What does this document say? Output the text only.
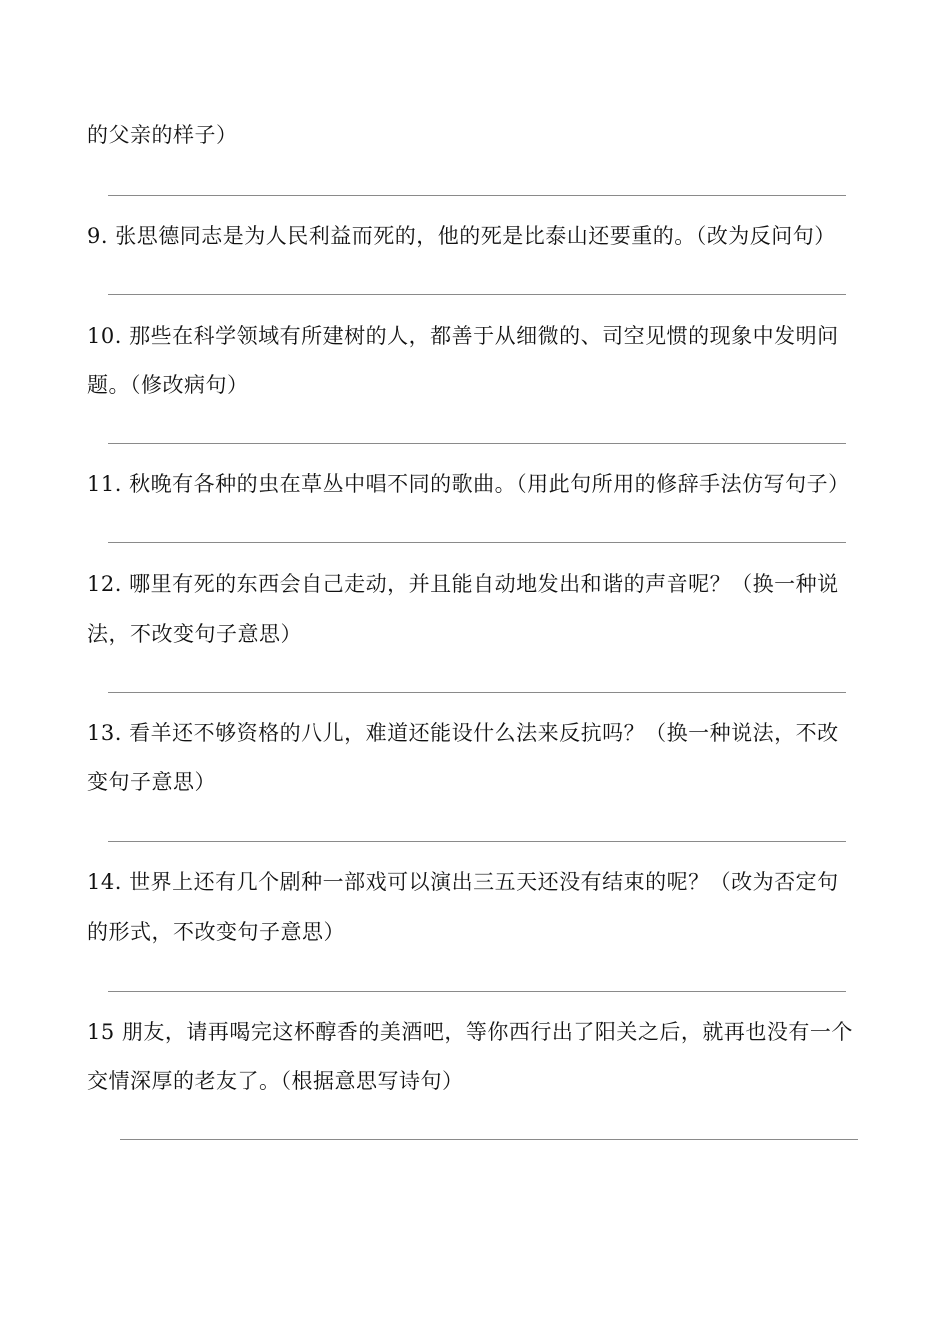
的父亲的样子）
9. 张思德同志是为人民利益而死的，他的死是比泰山还要重的。（改为反问句）
10. 那些在科学领域有所建树的人，都善于从细微的、司空见惯的现象中发明问
题。（修改病句）
11. 秋晚有各种的虫在草丛中唱不同的歌曲。（用此句所用的修辞手法仿写句子）
12. 哪里有死的东西会自己走动，并且能自动地发出和谐的声音呢？（换一种说
法，不改变句子意思）
13. 看羊还不够资格的八儿，难道还能设什么法来反抗吗？（换一种说法，不改
变句子意思）
14. 世界上还有几个剧种一部戏可以演出三五天还没有结束的呢？（改为否定句
的形式，不改变句子意思）
15 朋友，请再喝完这杯醇香的美酒吧，等你西行出了阳关之后，就再也没有一个
交情深厚的老友了。（根据意思写诗句）
